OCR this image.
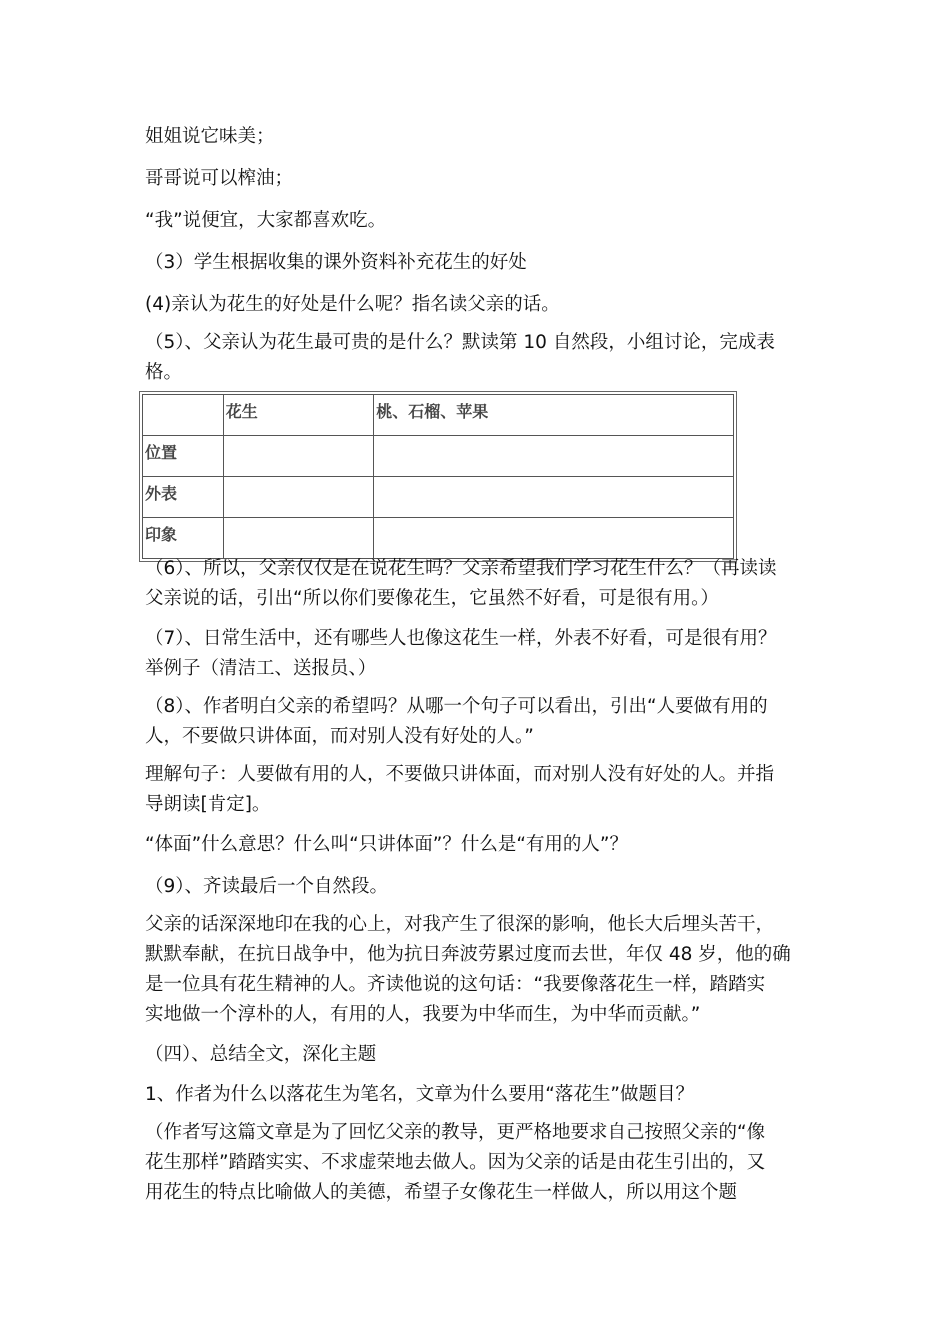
姐姐说它味美；
哥哥说可以榨油；
“我”说便宜，大家都喜欢吃。
（3）学生根据收集的课外资料补充花生的好处
(4)亲认为花生的好处是什么呢？指名读父亲的话。
（5）、父亲认为花生最可贵的是什么？默读第 10 自然段，小组讨论，完成表
格。
	花生	桃、石榴、苹果
位置		
外表		
印象		
（6）、所以，父亲仅仅是在说花生吗？父亲希望我们学习花生什么？（再读读
父亲说的话，引出“所以你们要像花生，它虽然不好看，可是很有用。）
（7）、日常生活中，还有哪些人也像这花生一样，外表不好看，可是很有用？
举例子（清洁工、送报员、）
（8）、作者明白父亲的希望吗？从哪一个句子可以看出，引出“人要做有用的
人，不要做只讲体面，而对别人没有好处的人。”
理解句子：人要做有用的人，不要做只讲体面，而对别人没有好处的人。并指
导朗读[肯定]。
“体面”什么意思？什么叫“只讲体面”？什么是“有用的人”？
（9）、齐读最后一个自然段。
父亲的话深深地印在我的心上，对我产生了很深的影响，他长大后埋头苦干，
默默奉献，在抗日战争中，他为抗日奔波劳累过度而去世，年仅 48 岁，他的确
是一位具有花生精神的人。齐读他说的这句话：“我要像落花生一样，踏踏实
实地做一个淳朴的人，有用的人，我要为中华而生，为中华而贡献。”
（四）、总结全文，深化主题
1、作者为什么以落花生为笔名，文章为什么要用“落花生”做题目？
（作者写这篇文章是为了回忆父亲的教导，更严格地要求自己按照父亲的“像
花生那样”踏踏实实、不求虚荣地去做人。因为父亲的话是由花生引出的，又
用花生的特点比喻做人的美德，希望子女像花生一样做人，所以用这个题
